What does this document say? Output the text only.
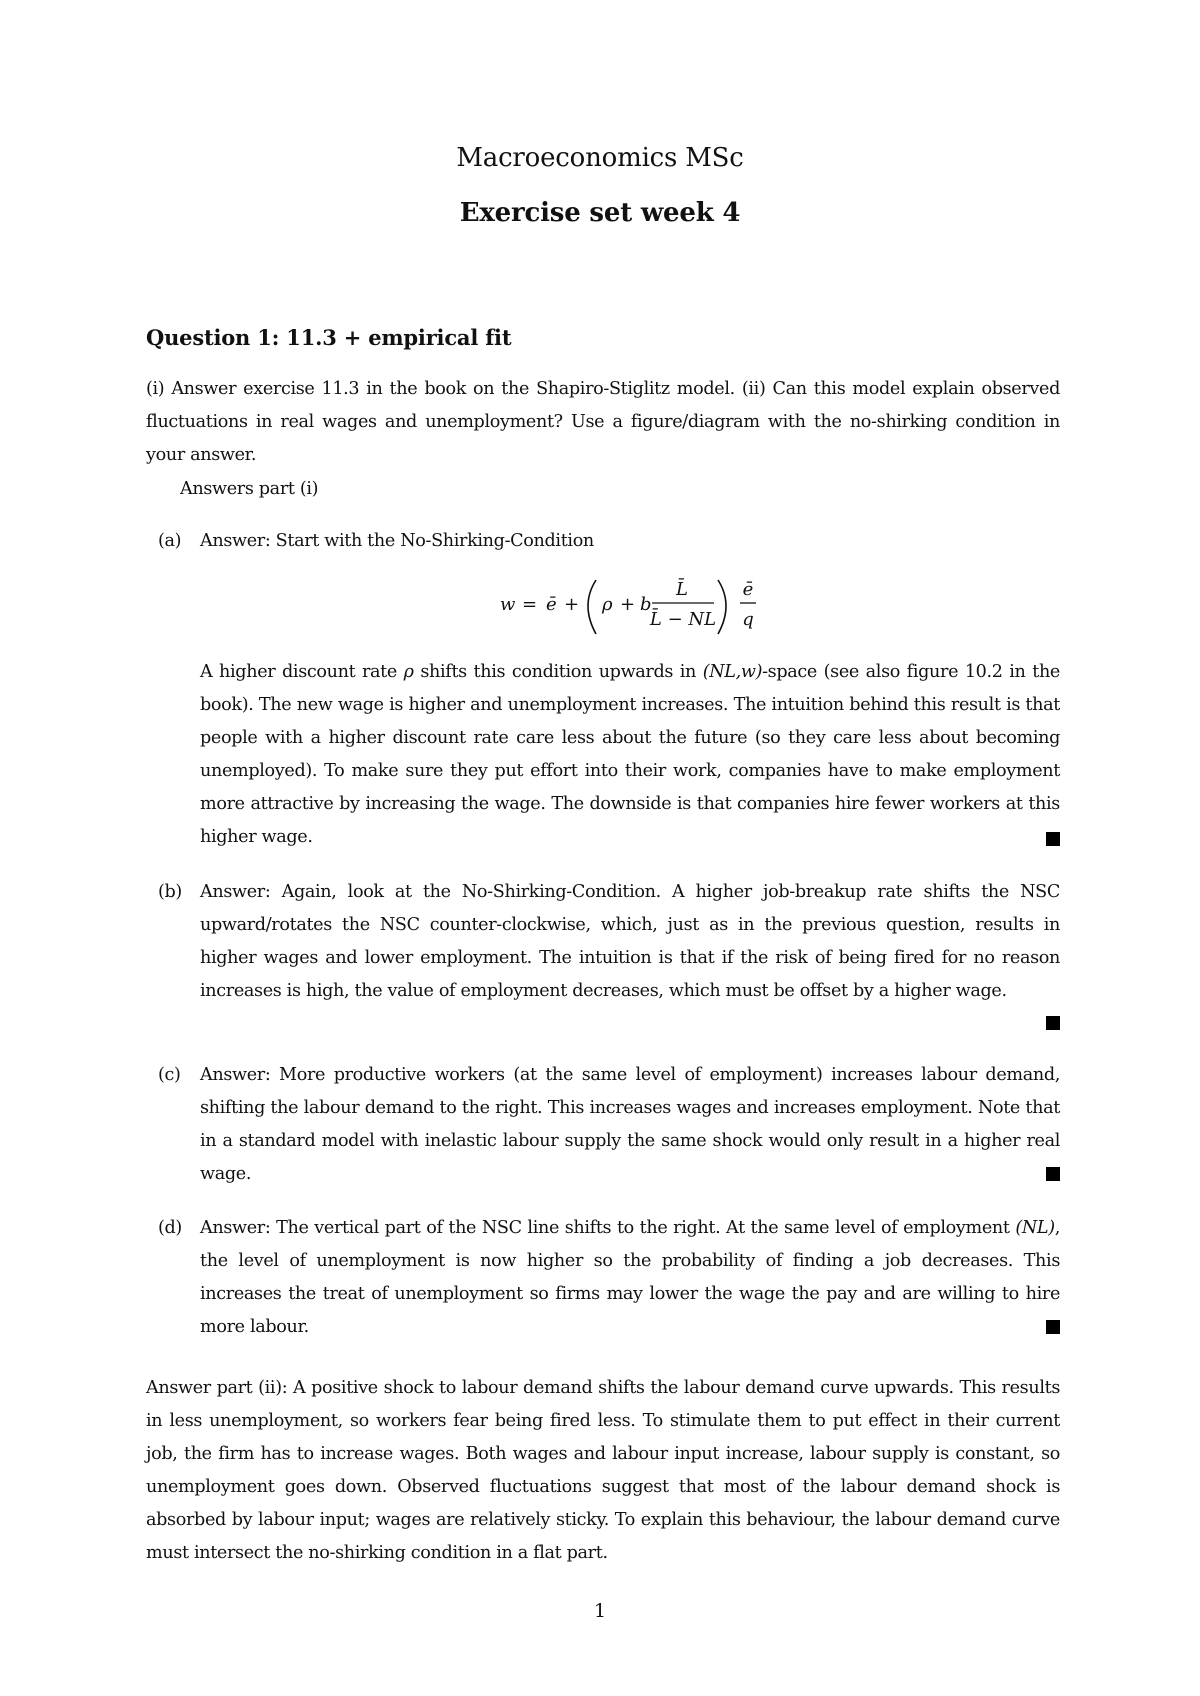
Macroeconomics MSc
Exercise set week 4
Question 1: 11.3 + empirical fit
(i) Answer exercise 11.3 in the book on the Shapiro-Stiglitz model. (ii) Can this model explain observed fluctuations in real wages and unemployment? Use a figure/diagram with the no-shirking condition in your answer.
Answers part (i)
(a) Answer: Start with the No-Shirking-Condition
w = ē + ρ + b
L̄
L̄ − NL
ē
q
A higher discount rate ρ shifts this condition upwards in (NL,w)-space (see also figure 10.2 in the book). The new wage is higher and unemployment increases. The intuition behind this result is that people with a higher discount rate care less about the future (so they care less about becoming unemployed). To make sure they put effort into their work, companies have to make employment more attractive by increasing the wage. The downside is that companies hire fewer workers at this higher wage.
(b) Answer: Again, look at the No-Shirking-Condition. A higher job-breakup rate shifts the NSC upward/rotates the NSC counter-clockwise, which, just as in the previous question, results in higher wages and lower employment. The intuition is that if the risk of being fired for no reason increases is high, the value of employment decreases, which must be offset by a higher wage.
(c) Answer: More productive workers (at the same level of employment) increases labour demand, shifting the labour demand to the right. This increases wages and increases employment. Note that in a standard model with inelastic labour supply the same shock would only result in a higher real wage.
(d) Answer: The vertical part of the NSC line shifts to the right. At the same level of employment (NL), the level of unemployment is now higher so the probability of finding a job decreases. This increases the treat of unemployment so firms may lower the wage the pay and are willing to hire more labour.
Answer part (ii): A positive shock to labour demand shifts the labour demand curve upwards. This results in less unemployment, so workers fear being fired less. To stimulate them to put effect in their current job, the firm has to increase wages. Both wages and labour input increase, labour supply is constant, so unemployment goes down. Observed fluctuations suggest that most of the labour demand shock is absorbed by labour input; wages are relatively sticky. To explain this behaviour, the labour demand curve must intersect the no-shirking condition in a flat part.
1
